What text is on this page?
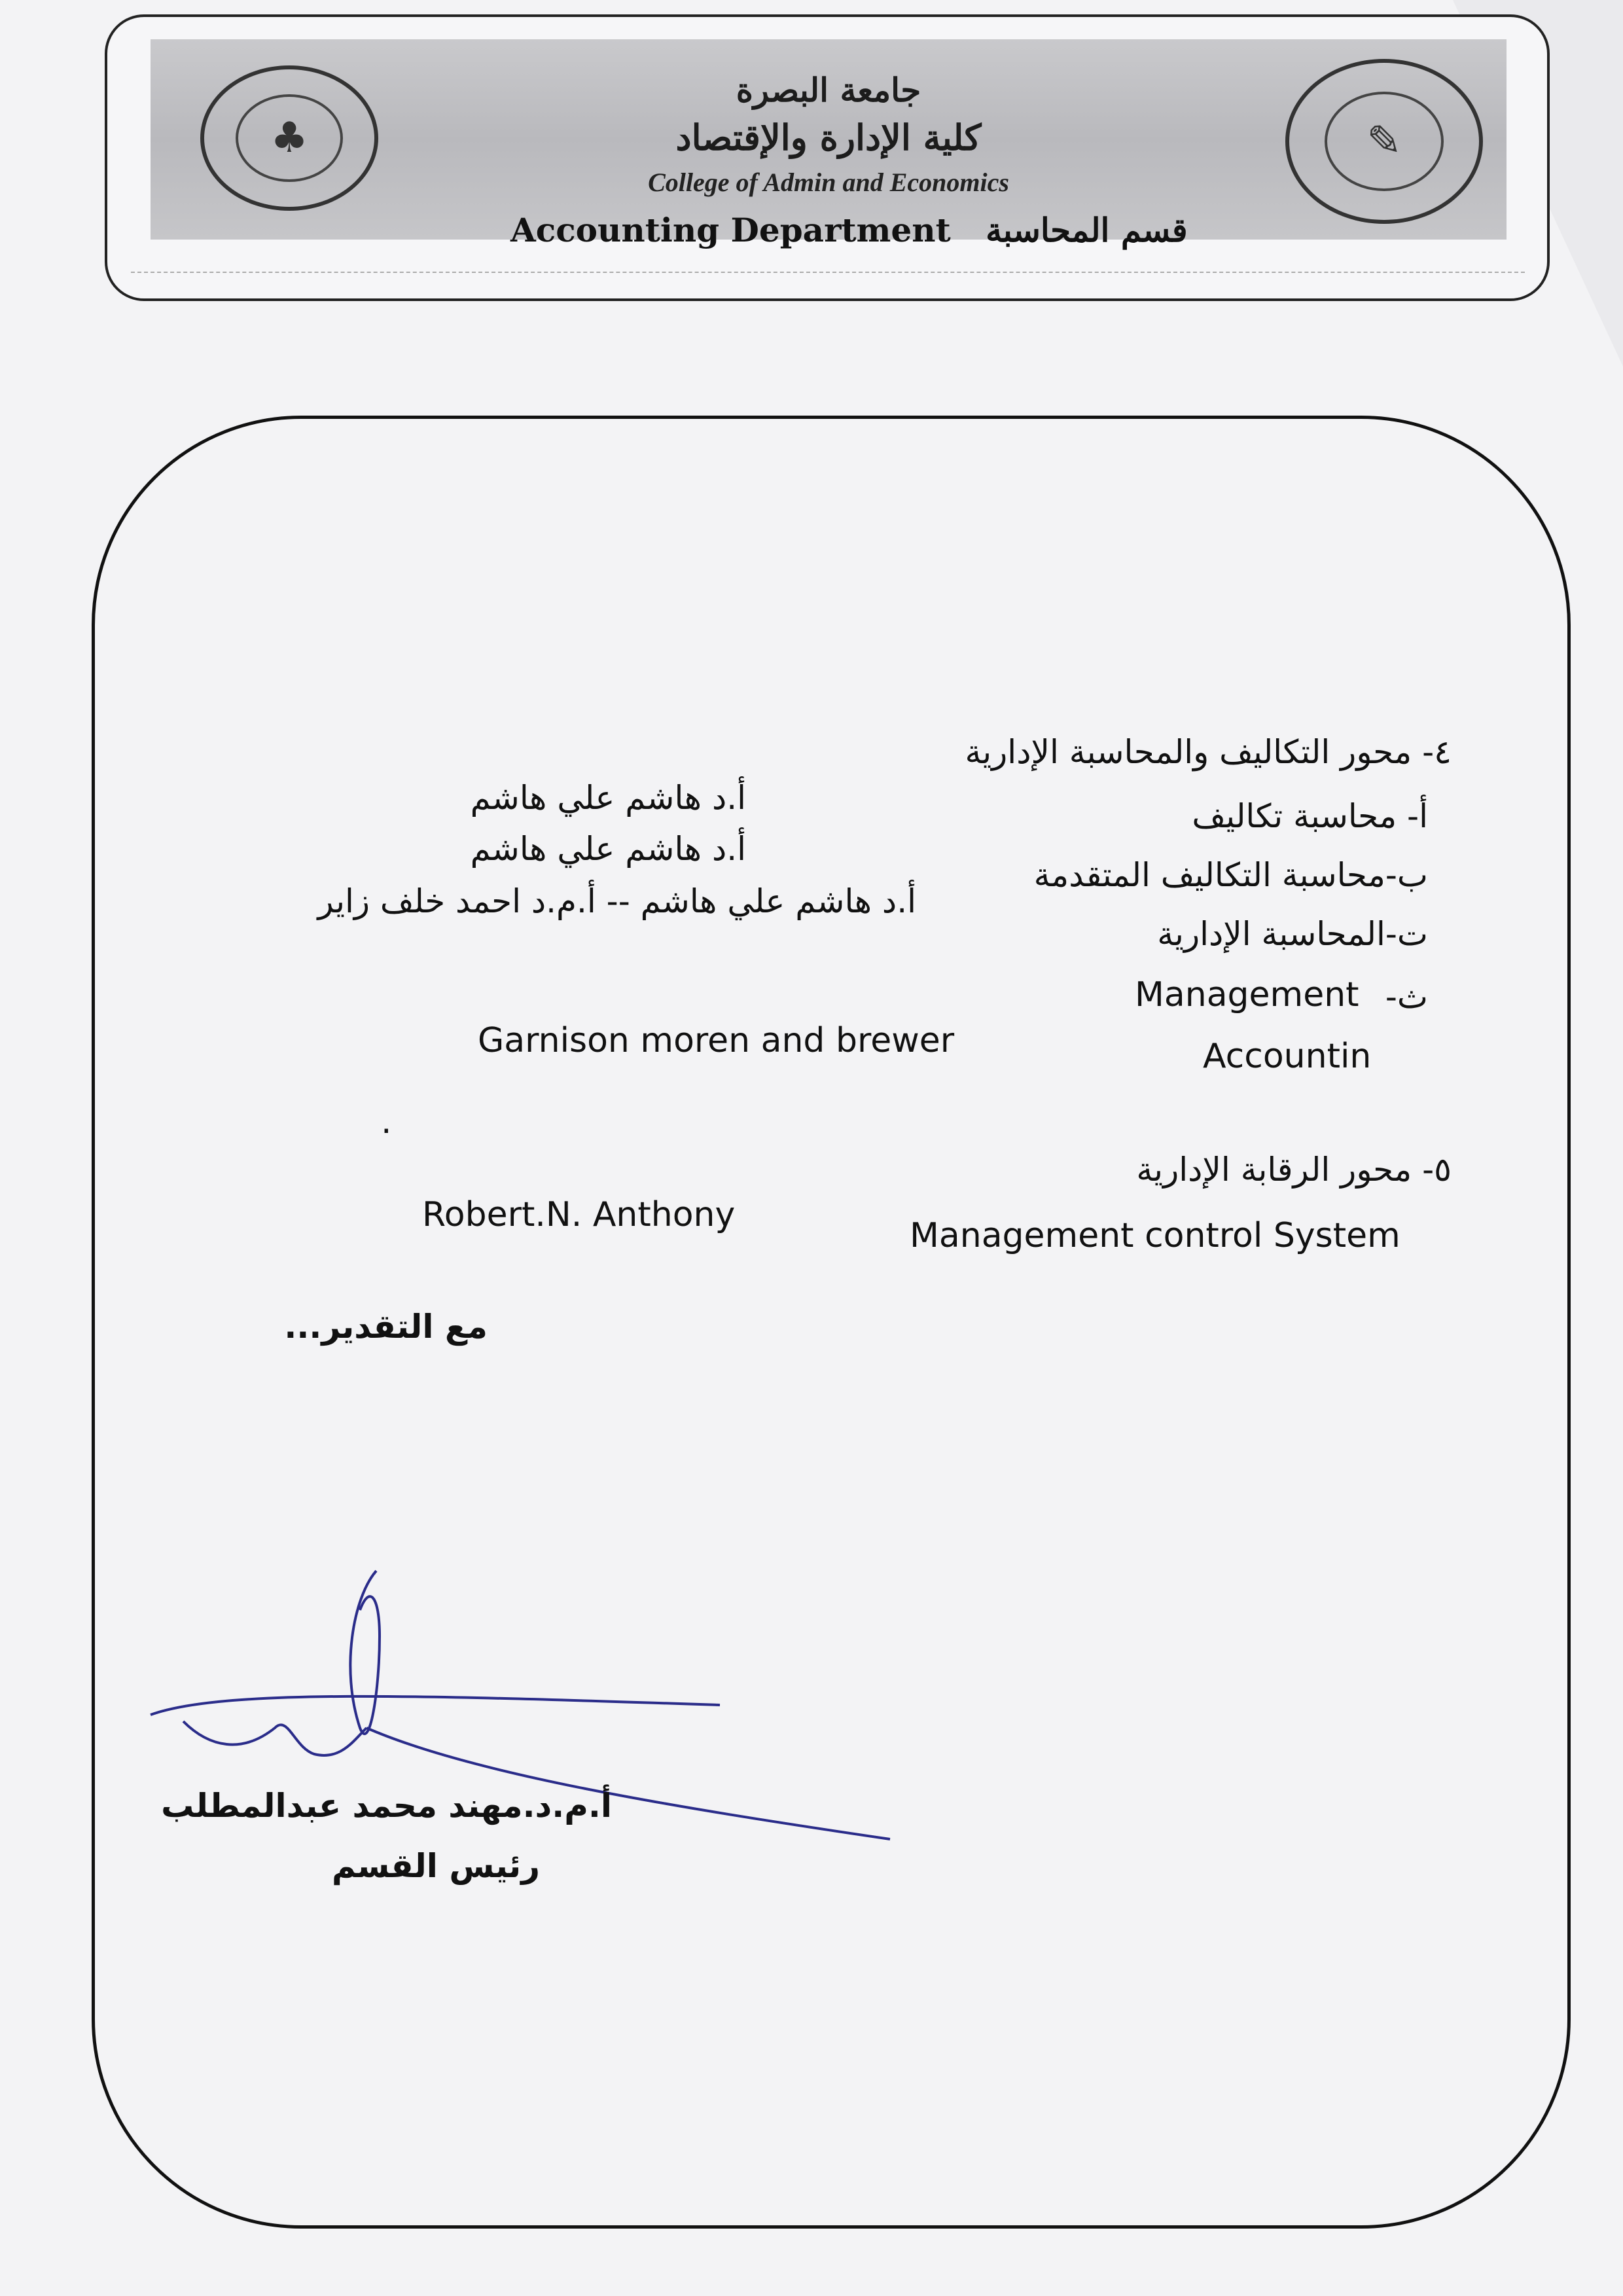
♣
جامعة البصرة
كلية الإدارة والإقتصاد
College of Admin and Economics
✎
Accounting Department قسم المحاسبة
٤- محور التكاليف والمحاسبة الإدارية
أ- محاسبة تكاليف
أ.د هاشم علي هاشم
ب-محاسبة التكاليف المتقدمة
أ.د هاشم علي هاشم
ت-المحاسبة الإدارية
أ.د هاشم علي هاشم -- أ.م.د احمد خلف زاير
ث-
Management
Accountin
Garnison moren and brewer
.
٥- محور الرقابة الإدارية
Management control System
Robert.N. Anthony
مع التقدير...
أ.م.د.مهند محمد عبدالمطلب
رئيس القسم
